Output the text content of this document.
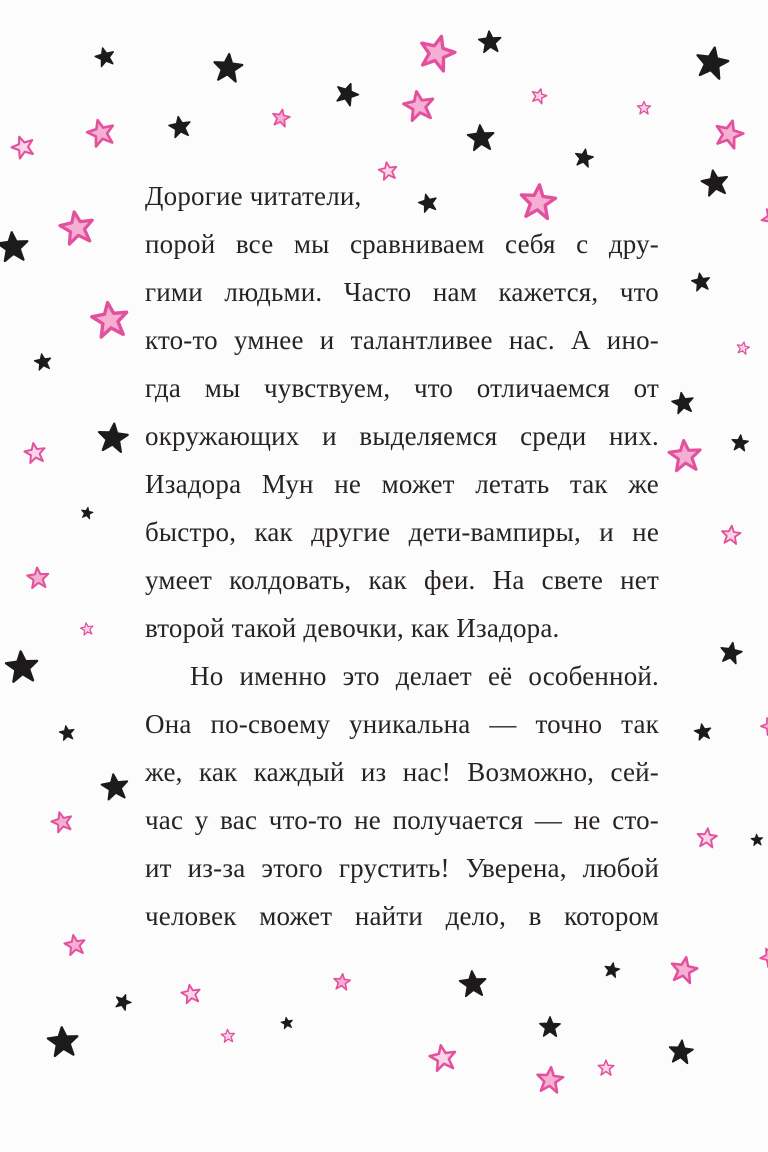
Дорогие читатели,
порой все мы сравниваем себя с дру-
гими людьми. Часто нам кажется, что
кто-то умнее и талантливее нас. А ино-
гда мы чувствуем, что отличаемся от
окружающих и выделяемся среди них.
Изадора Мун не может летать так же
быстро, как другие дети-вампиры, и не
умеет колдовать, как феи. На свете нет
второй такой девочки, как Изадора.
Но именно это делает её особенной.
Она по-своему уникальна — точно так
же, как каждый из нас! Возможно, сей-
час у вас что-то не получается — не сто-
ит из-за этого грустить! Уверена, любой
человек может найти дело, в котором
